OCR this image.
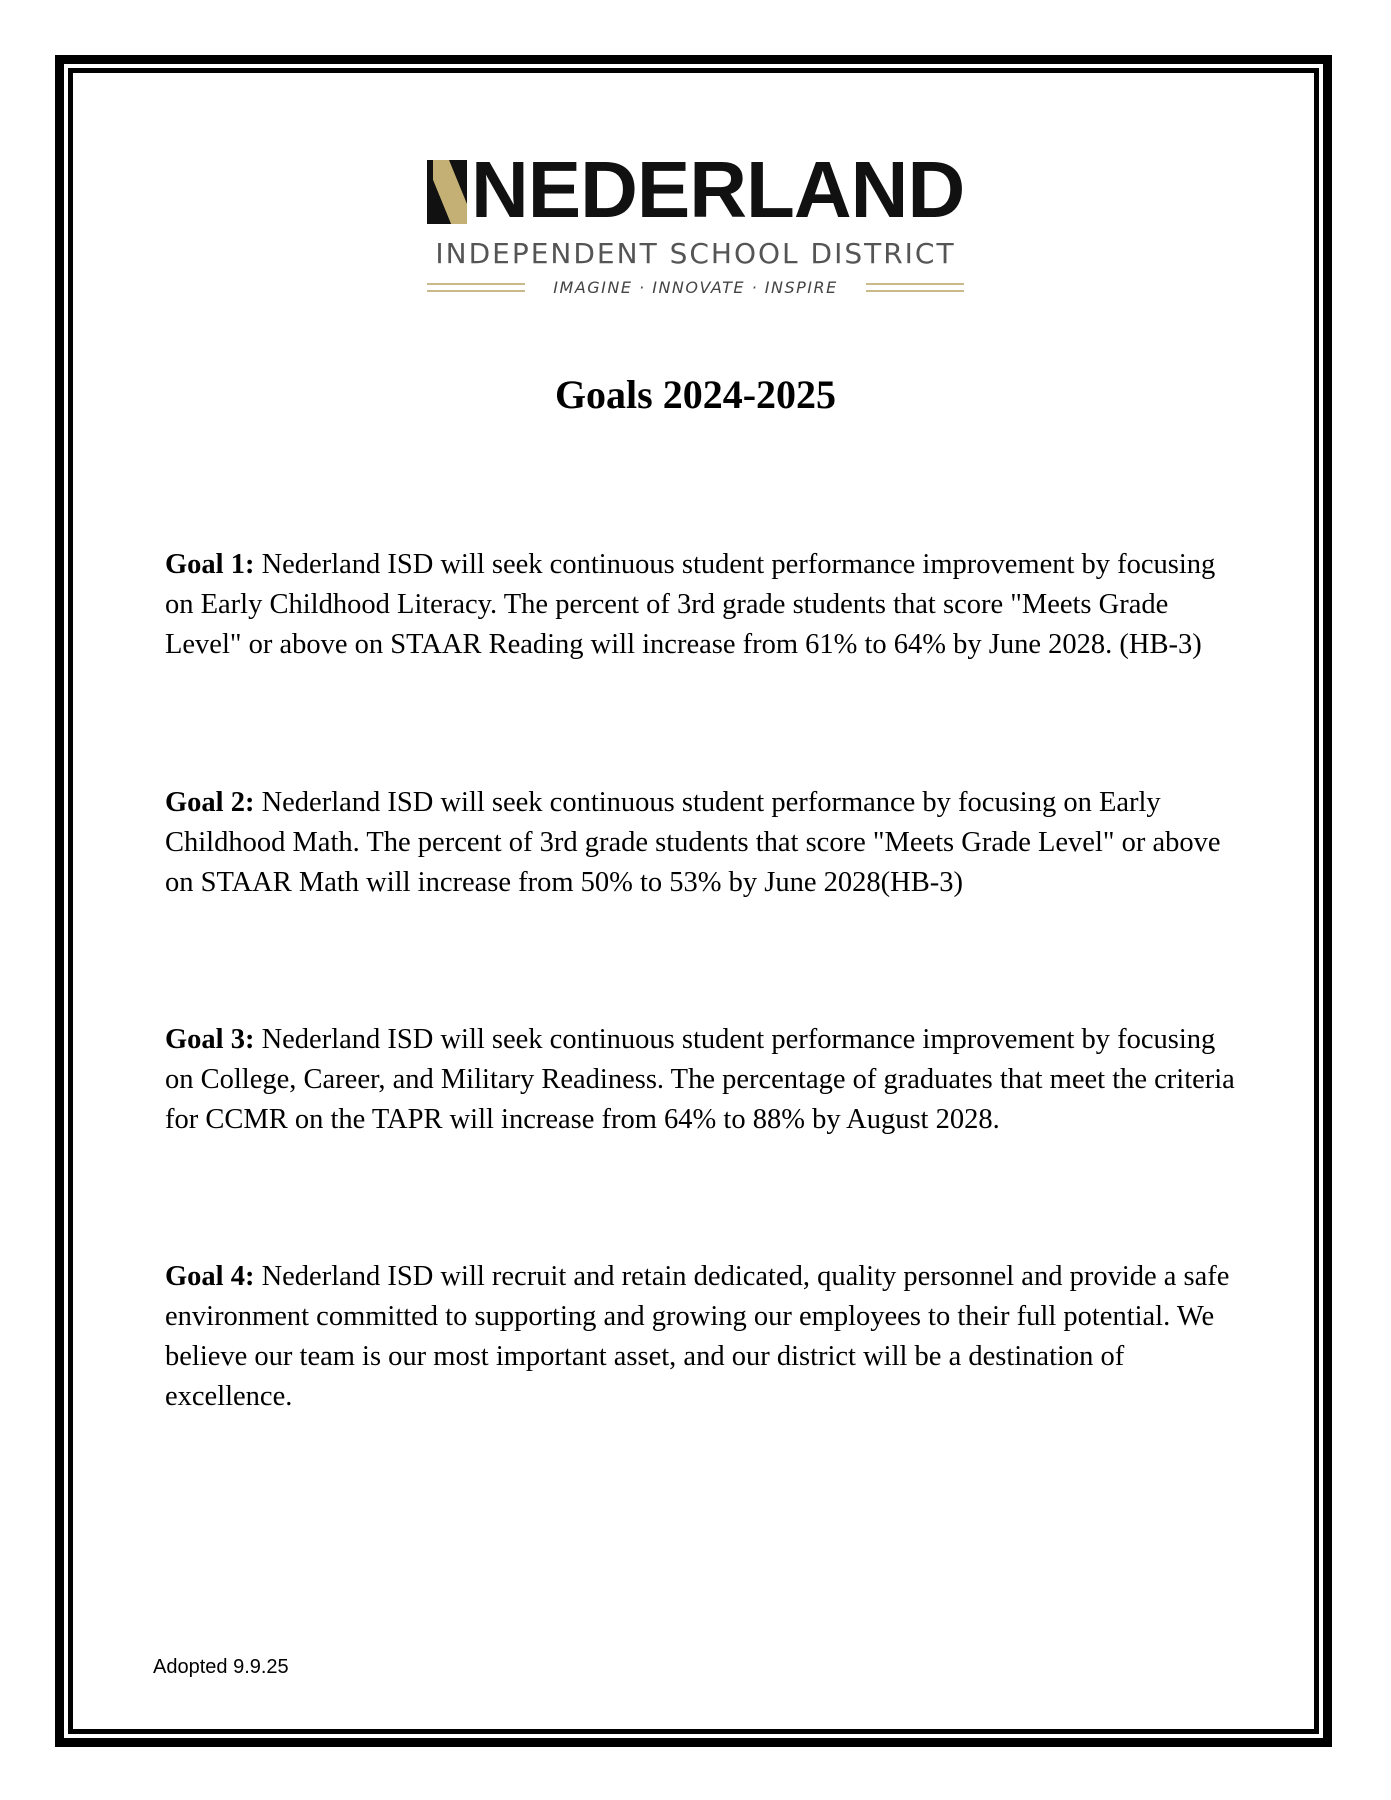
NEDERLAND
INDEPENDENT SCHOOL DISTRICT
IMAGINE · INNOVATE · INSPIRE
Goals 2024-2025

Goal 1: Nederland ISD will seek continuous student performance improvement by focusing on Early Childhood Literacy. The percent of 3rd grade students that score "Meets Grade Level" or above on STAAR Reading will increase from 61% to 64% by June 2028. (HB-3)

Goal 2: Nederland ISD will seek continuous student performance by focusing on Early Childhood Math. The percent of 3rd grade students that score "Meets Grade Level" or above on STAAR Math will increase from 50% to 53% by June 2028(HB-3)

Goal 3: Nederland ISD will seek continuous student performance improvement by focusing on College, Career, and Military Readiness. The percentage of graduates that meet the criteria for CCMR on the TAPR will increase from 64% to 88% by August 2028.

Goal 4: Nederland ISD will recruit and retain dedicated, quality personnel and provide a safe environment committed to supporting and growing our employees to their full potential. We believe our team is our most important asset, and our district will be a destination of excellence.

Adopted 9.9.25
